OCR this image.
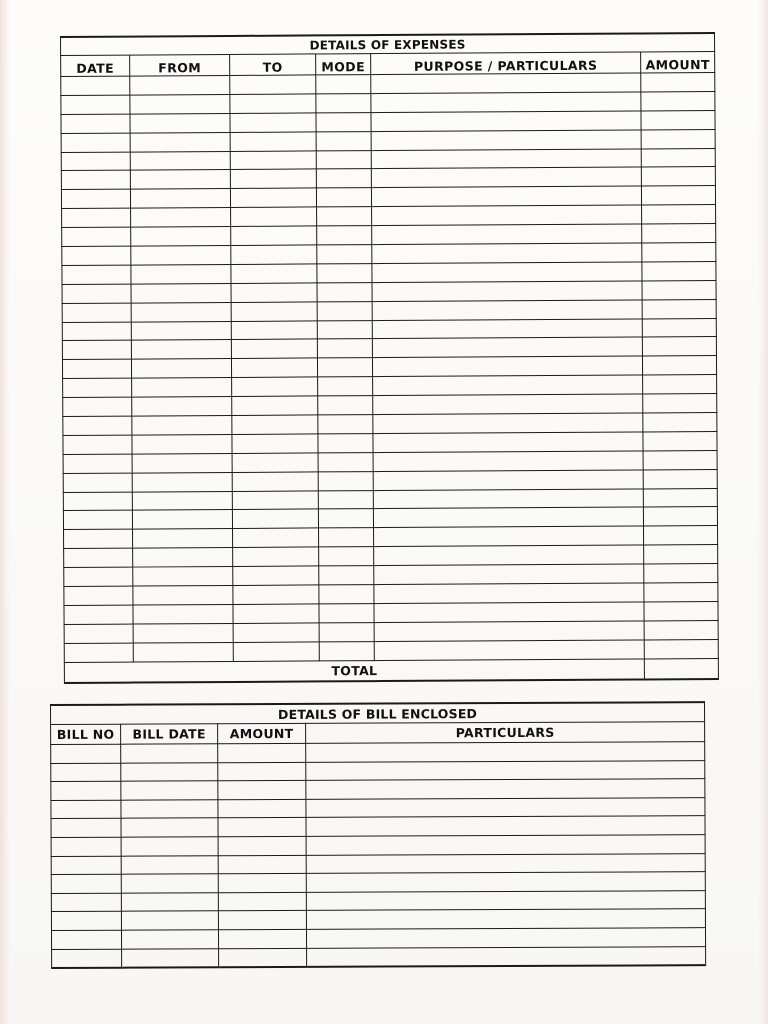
DETAILS OF EXPENSES					
DATE	FROM	TO	MODE	PURPOSE / PARTICULARS	AMOUNT

TOTAL					
DETAILS OF BILL ENCLOSED			
BILL NO	BILL DATE	AMOUNT	PARTICULARS
